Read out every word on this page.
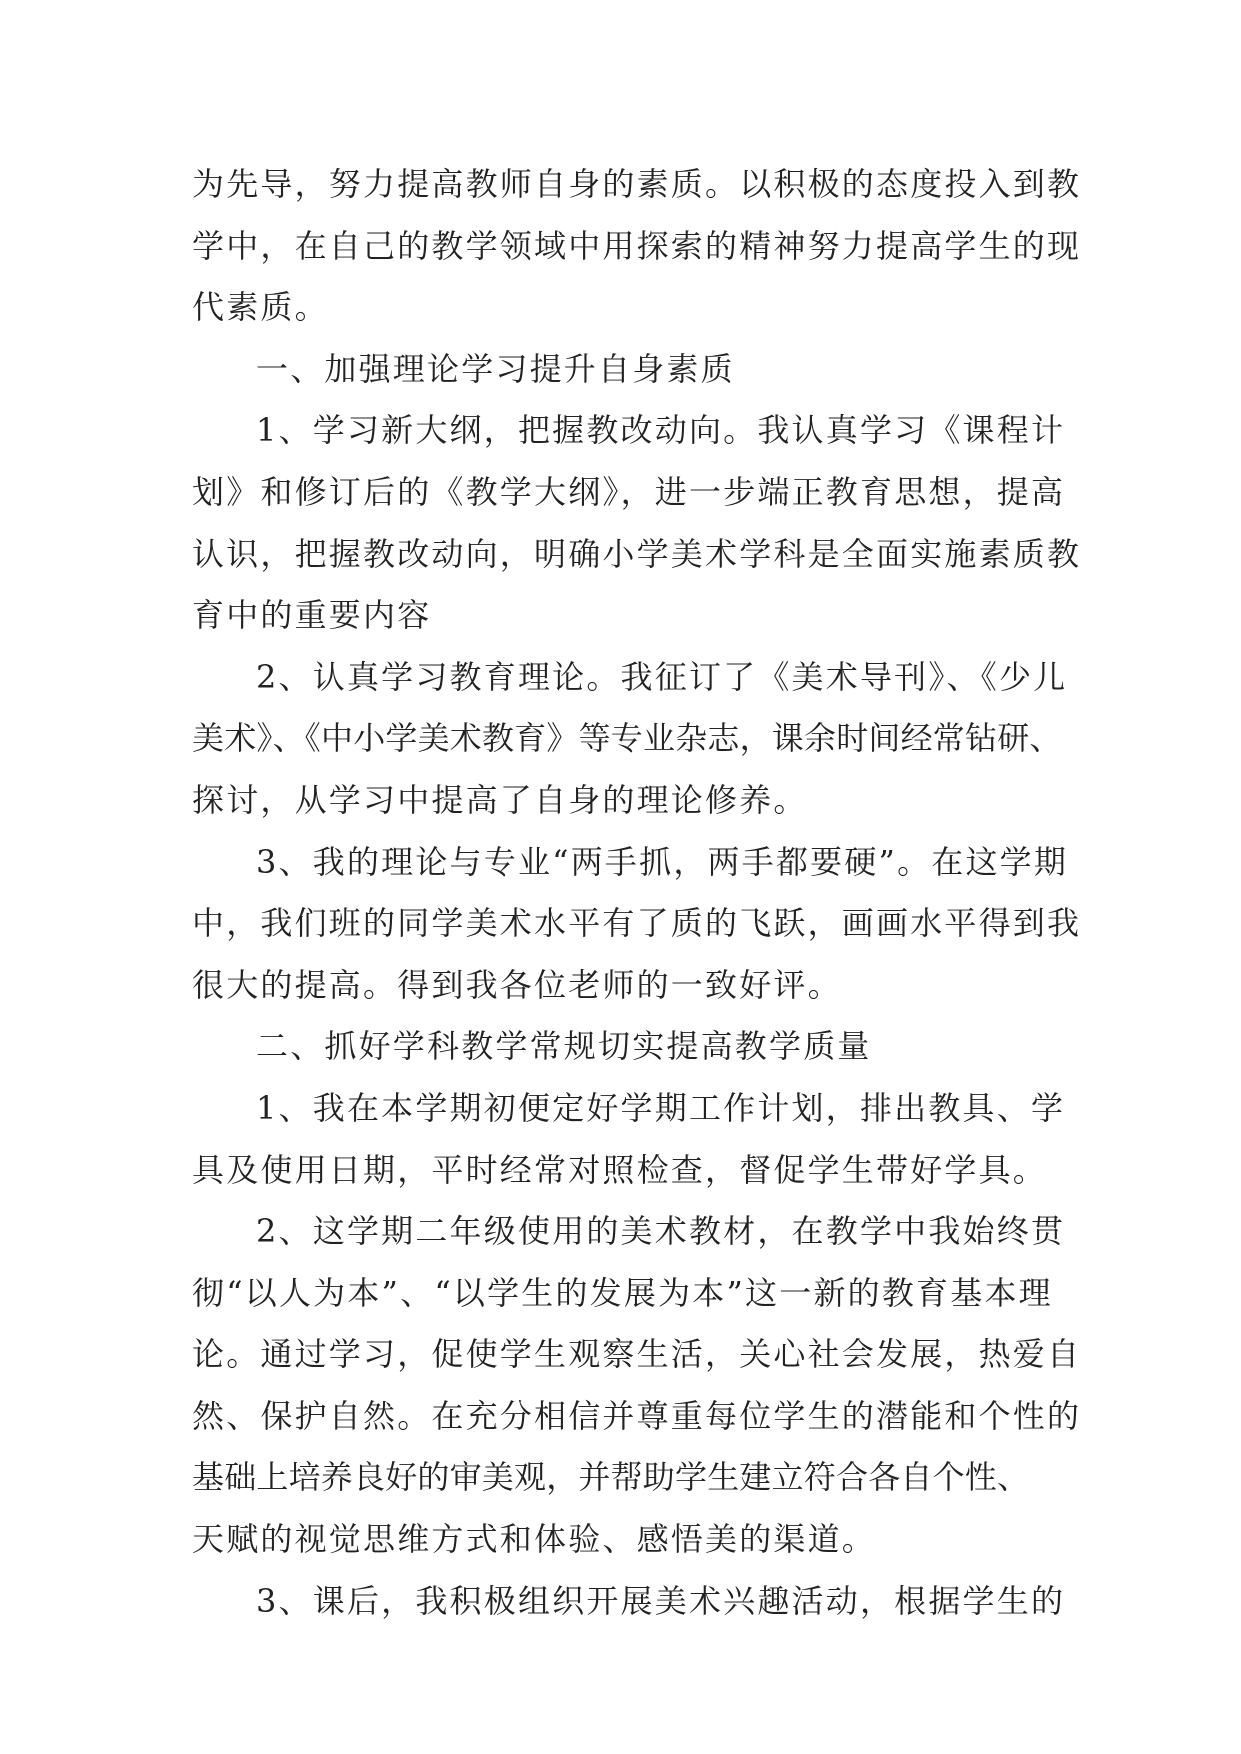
为先导，努力提高教师自身的素质。以积极的态度投入到教
学中，在自己的教学领域中用探索的精神努力提高学生的现
代素质。
一、加强理论学习提升自身素质
1、学习新大纲，把握教改动向。我认真学习《课程计
划》和修订后的《教学大纲》，进一步端正教育思想，提高
认识，把握教改动向，明确小学美术学科是全面实施素质教
育中的重要内容
2、认真学习教育理论。我征订了《美术导刊》、《少儿
美术》、《中小学美术教育》等专业杂志，课余时间经常钻研、
探讨，从学习中提高了自身的理论修养。
3、我的理论与专业“两手抓，两手都要硬”。在这学期
中，我们班的同学美术水平有了质的飞跃，画画水平得到我
很大的提高。得到我各位老师的一致好评。
二、抓好学科教学常规切实提高教学质量
1、我在本学期初便定好学期工作计划，排出教具、学
具及使用日期，平时经常对照检查，督促学生带好学具。
2、这学期二年级使用的美术教材，在教学中我始终贯
彻“以人为本”、“以学生的发展为本”这一新的教育基本理
论。通过学习，促使学生观察生活，关心社会发展，热爱自
然、保护自然。在充分相信并尊重每位学生的潜能和个性的
基础上培养良好的审美观，并帮助学生建立符合各自个性、
天赋的视觉思维方式和体验、感悟美的渠道。
3、课后，我积极组织开展美术兴趣活动，根据学生的
